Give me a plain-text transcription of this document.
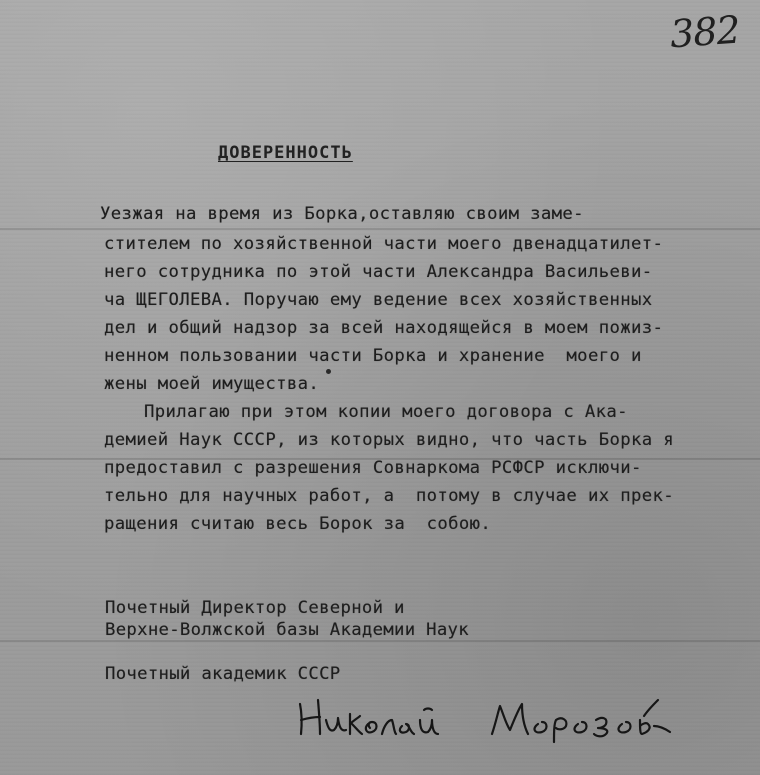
382
ДОВЕРЕННОСТЬ
Уезжая на время из Борка,оставляю своим заме-
стителем по хозяйственной части моего двенадцатилет-
него сотрудника по этой части Александра Васильеви-
ча ЩЕГОЛЕВА. Поручаю ему ведение всех хозяйственных
дел и общий надзор за всей находящейся в моем пожиз-
ненном пользовании части Борка и хранение  моего и
жены моей имущества.
Прилагаю при этом копии моего договора с Ака-
демией Наук СССР, из которых видно, что часть Борка я
предоставил с разрешения Совнаркома РСФСР исключи-
тельно для научных работ, а  потому в случае их прек-
ращения считаю весь Борок за  собою.
Почетный Директор Северной и
Верхне-Волжской базы Академии Наук
Почетный академик СССР
